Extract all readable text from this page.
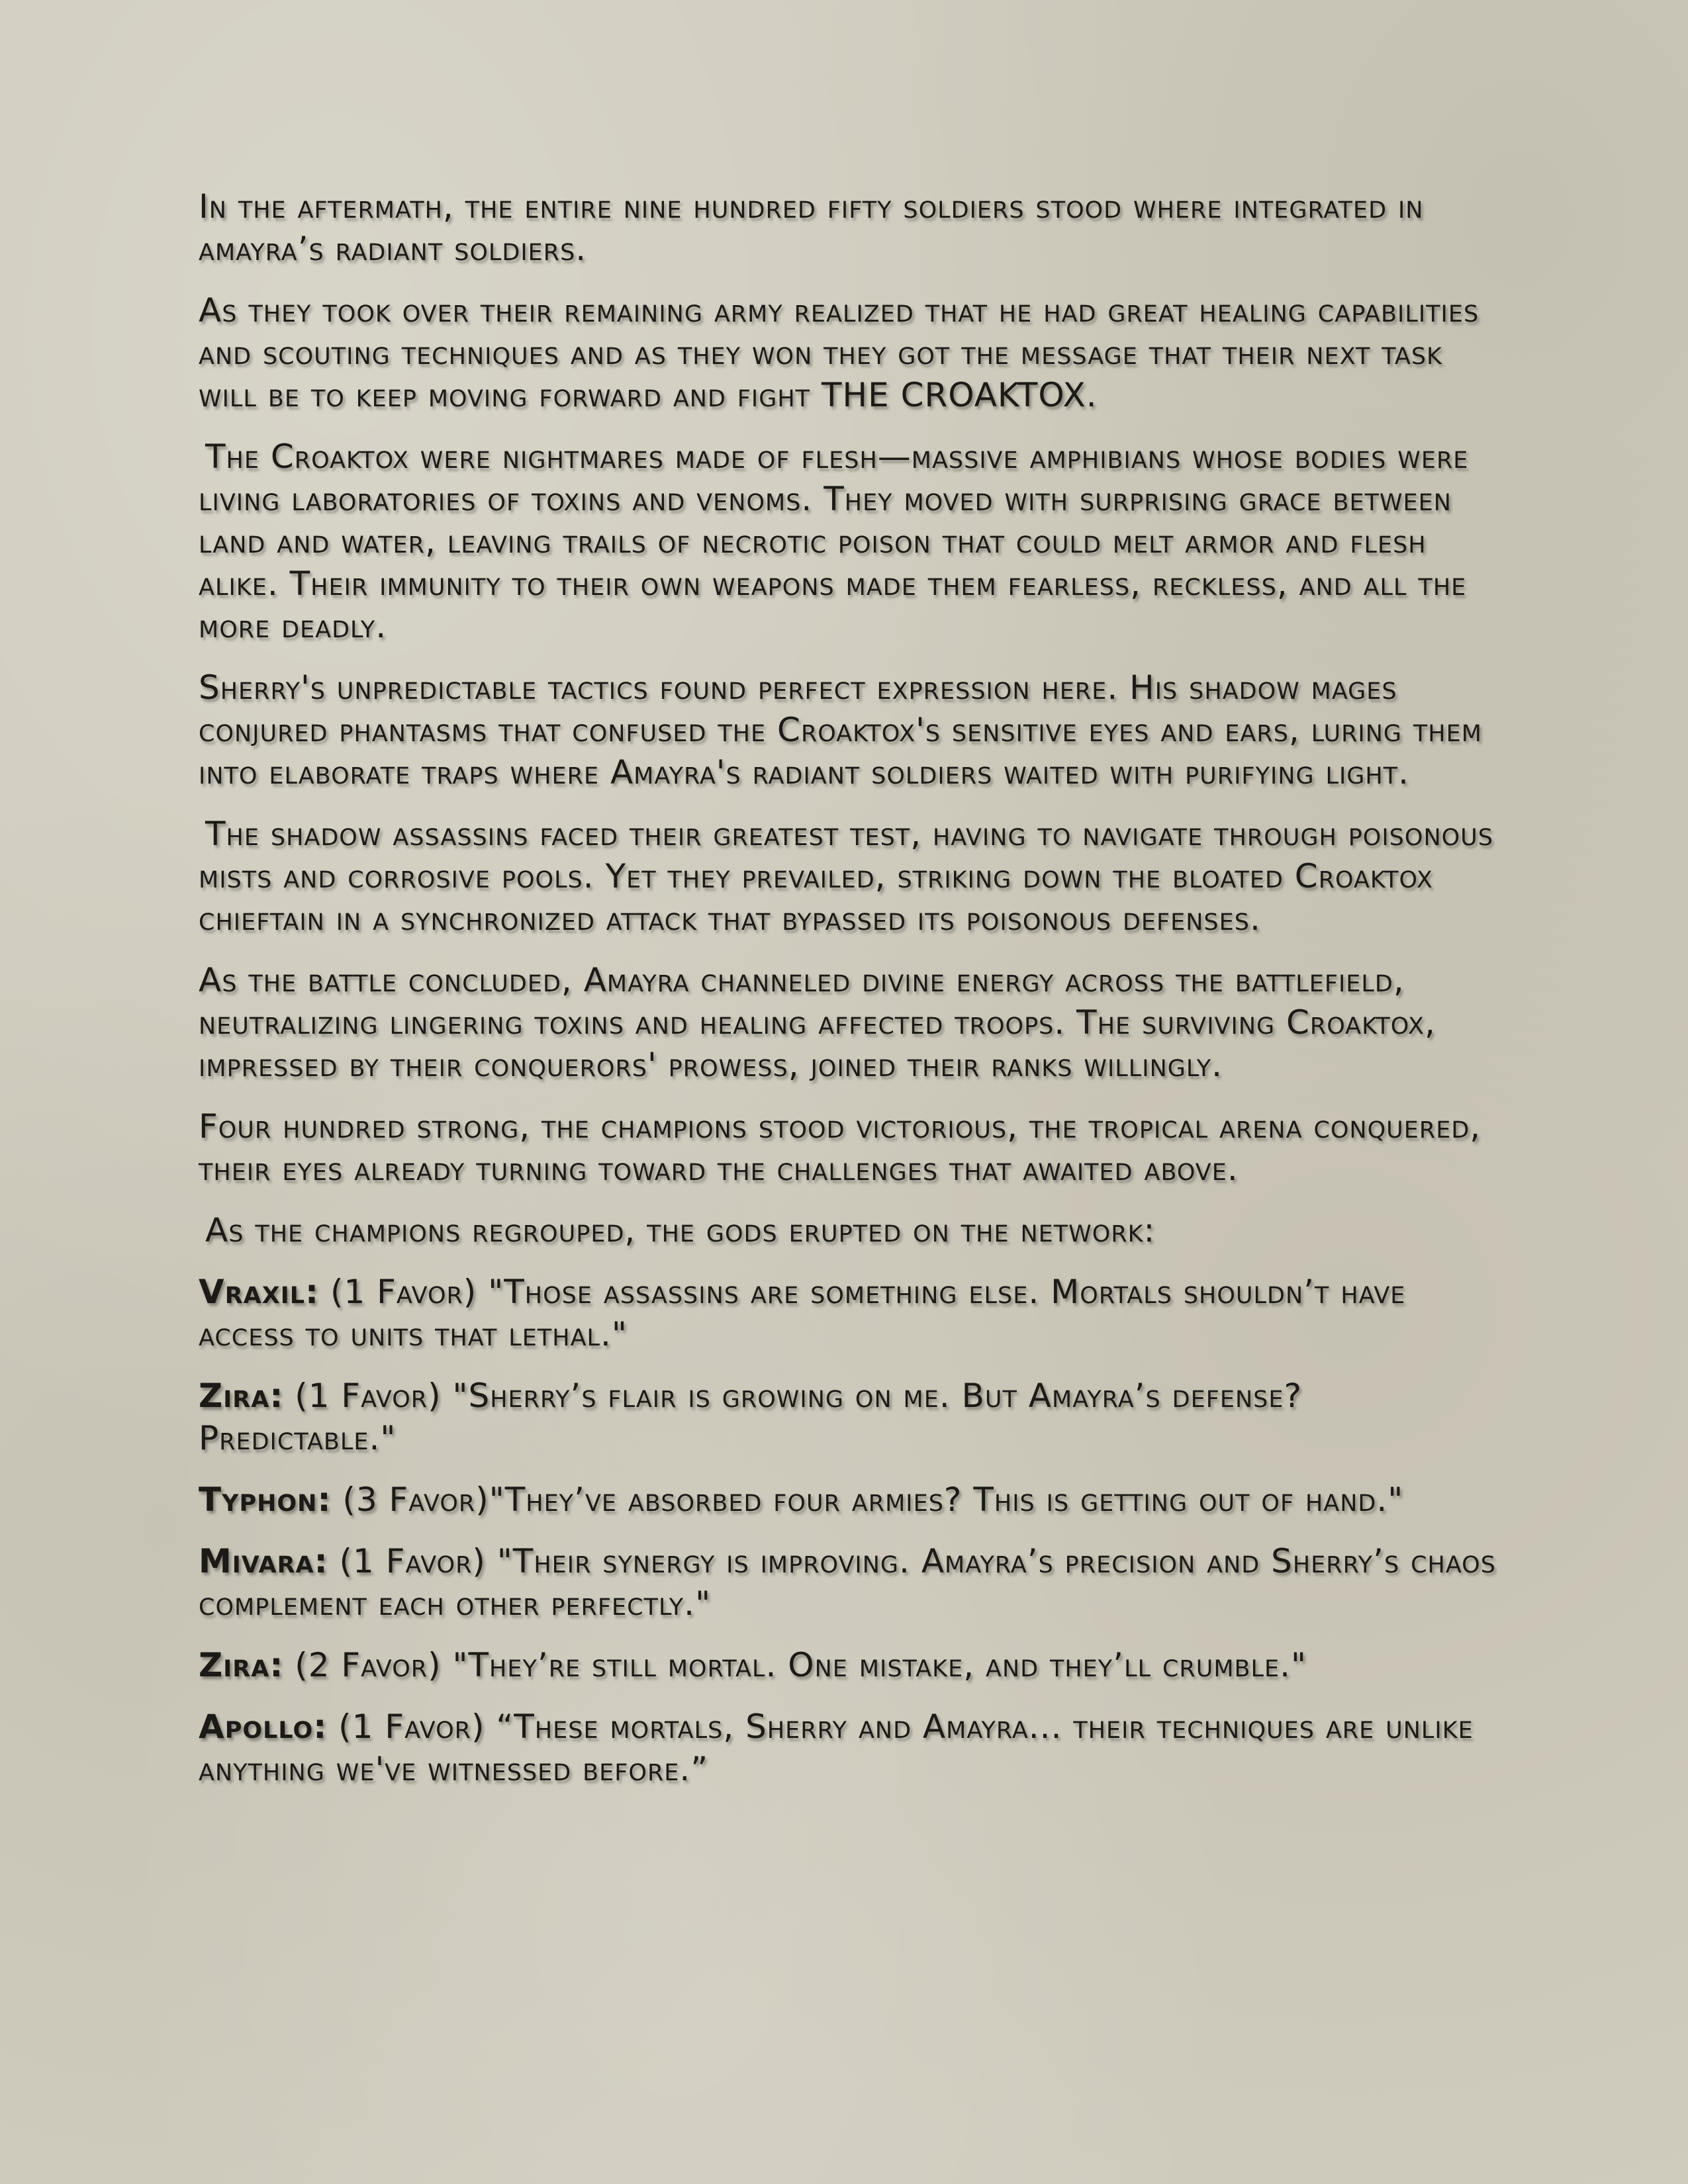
In the aftermath, the entire nine hundred fifty soldiers stood where integrated in amayra’s radiant soldiers.

As they took over their remaining army realized that he had great healing capabilities and scouting techniques and as they won they got the message that their next task will be to keep moving forward and fight THE CROAKTOX.

The Croaktox were nightmares made of flesh—massive amphibians whose bodies were living laboratories of toxins and venoms. They moved with surprising grace between land and water, leaving trails of necrotic poison that could melt armor and flesh alike. Their immunity to their own weapons made them fearless, reckless, and all the more deadly.

Sherry's unpredictable tactics found perfect expression here. His shadow mages conjured phantasms that confused the Croaktox's sensitive eyes and ears, luring them into elaborate traps where Amayra's radiant soldiers waited with purifying light.

The shadow assassins faced their greatest test, having to navigate through poisonous mists and corrosive pools. Yet they prevailed, striking down the bloated Croaktox chieftain in a synchronized attack that bypassed its poisonous defenses.

As the battle concluded, Amayra channeled divine energy across the battlefield, neutralizing lingering toxins and healing affected troops. The surviving Croaktox, impressed by their conquerors' prowess, joined their ranks willingly.

Four hundred strong, the champions stood victorious, the tropical arena conquered, their eyes already turning toward the challenges that awaited above.

As the champions regrouped, the gods erupted on the network:

Vraxil: (1 Favor) "Those assassins are something else. Mortals shouldn’t have access to units that lethal."

Zira: (1 Favor) "Sherry’s flair is growing on me. But Amayra’s defense? Predictable."

Typhon: (3 Favor)"They’ve absorbed four armies? This is getting out of hand."

Mivara: (1 Favor) "Their synergy is improving. Amayra’s precision and Sherry’s chaos complement each other perfectly."

Zira: (2 Favor) "They’re still mortal. One mistake, and they’ll crumble."

Apollo: (1 Favor) “These mortals, Sherry and Amayra... their techniques are unlike anything we've witnessed before.”
